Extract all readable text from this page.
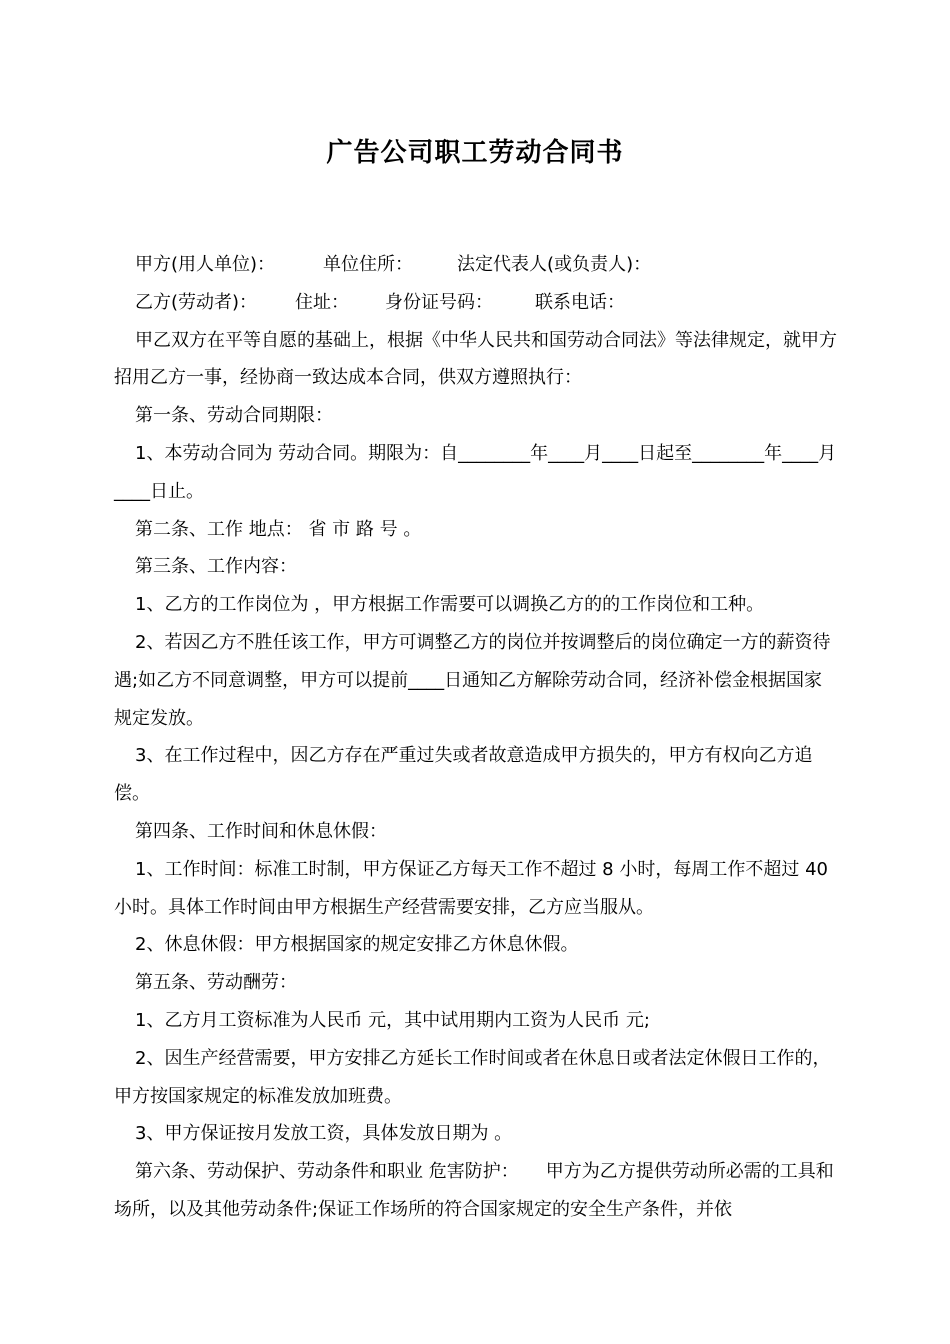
广告公司职工劳动合同书

甲方(用人单位)：	单位住所： 法定代表人(或负责人)：

乙方(劳动者)： 住址： 身份证号码： 联系电话：

甲乙双方在平等自愿的基础上，根据《中华人民共和国劳动合同法》等法律规定，就甲方招用乙方一事，经协商一致达成本合同，供双方遵照执行：

第一条、劳动合同期限：

1、本劳动合同为 劳动合同。期限为：自________年____月____日起至________年____月____日止。

第二条、工作 地点： 省 市 路 号 。

第三条、工作内容：

1、乙方的工作岗位为 ，甲方根据工作需要可以调换乙方的的工作岗位和工种。

2、若因乙方不胜任该工作，甲方可调整乙方的岗位并按调整后的岗位确定一方的薪资待遇;如乙方不同意调整，甲方可以提前____日通知乙方解除劳动合同，经济补偿金根据国家规定发放。

3、在工作过程中，因乙方存在严重过失或者故意造成甲方损失的，甲方有权向乙方追偿。

第四条、工作时间和休息休假：

1、工作时间：标准工时制，甲方保证乙方每天工作不超过 8 小时，每周工作不超过 40 小时。具体工作时间由甲方根据生产经营需要安排，乙方应当服从。

2、休息休假：甲方根据国家的规定安排乙方休息休假。

第五条、劳动酬劳：

1、乙方月工资标准为人民币 元，其中试用期内工资为人民币 元;

2、因生产经营需要，甲方安排乙方延长工作时间或者在休息日或者法定休假日工作的，甲方按国家规定的标准发放加班费。

3、甲方保证按月发放工资，具体发放日期为 。

第六条、劳动保护、劳动条件和职业 危害防护：　　甲方为乙方提供劳动所必需的工具和场所，以及其他劳动条件;保证工作场所的符合国家规定的安全生产条件，并依
